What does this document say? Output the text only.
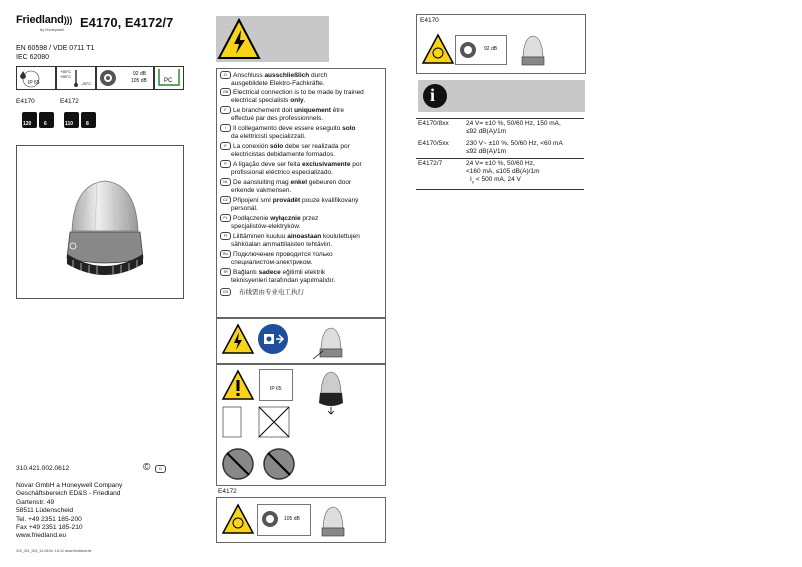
Friedland)))
by Honeywell E4170, E4172/7
EN 60598 / VDE 0711 T1
IEC 62080
IP 65
+55°C
+55°C
-25°C
92 dB
105 dB	PC
E4170	E4172
120	6	110	8
310.421.002.0612	©	D
Novar GmbH a Honeywell Company
Geschäftsbereich ED&S - Friedland
Gartenstr. 49
58511 Lüdenscheid
Tel. +49 2351 185-200
Fax +49 2351 185-210
www.friedland.eu
310_421_002_12-06.fm 1.6.12 www.friedland.de
D Anschluss ausschließlich durch
ausgebildete Elektro-Fachkräfte.
GB Electrical connection is to be made by trained
electrical specialists only.
F Le branchement doit uniquement être
effectué par des professionnels.
I Il collegamento deve essere eseguito solo
da elettricisti specializzati.
E La conexión sólo debe ser realizada por
electricistas debidamente formados.
P A ligação deve ser feita exclusivamente por
profissional eléctrico especializado.
NL De aansluiting mag enkel gebeuren door
erkende vakmensen.
CZ Připojení smí provádět pouze kvalifikovaný
personál.
PL Podłączenie wyłącznie przez
specjalistów-elektryków.
FI Liittäminen kuuluu ainoastaan koulutettujen
sähköalan ammattilaisten tehtäviin.
RU Подключение проводится только
специалистом-электриком.
TR Bağlantı sadece eğitimli elektrik
teknisyenleri tarafından yapılmalıdır.
CN 布线需由专业电工执行
IP 65
E4172
105 dB
E4170
92 dB
i
E4170/8xx	24 V= ±10 %, 50/60 Hz, 150 mA,
≤92 dB(A)/1m
E4170/5xx	230 V~ ±10 %, 50/60 Hz, <60 mA
≤92 dB(A)/1m
E4172/7	24 V= ±10 %, 50/60 Hz,
<160 mA, ≤105 dB(A)/1m
$I_0 < 500$ mA, 24 V
